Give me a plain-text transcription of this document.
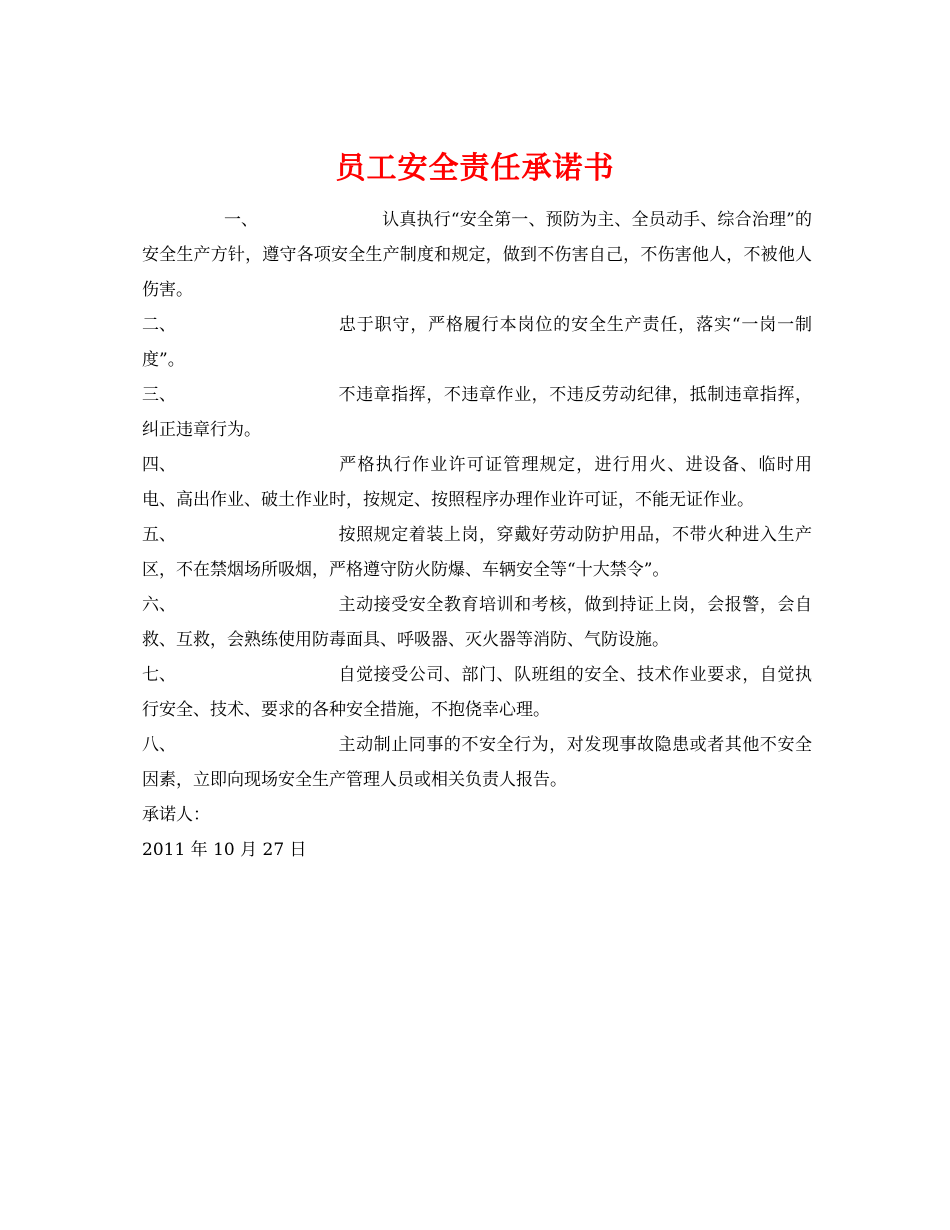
员工安全责任承诺书

一、	认真执行“安全第一、预防为主、全员动手、综合治理”的安全生产方针，遵守各项安全生产制度和规定，做到不伤害自己，不伤害他人，不被他人伤害。

二、	忠于职守，严格履行本岗位的安全生产责任，落实“一岗一制度”。

三、	不违章指挥，不违章作业，不违反劳动纪律，抵制违章指挥，纠正违章行为。

四、	严格执行作业许可证管理规定，进行用火、进设备、临时用电、高出作业、破土作业时，按规定、按照程序办理作业许可证，不能无证作业。

五、	按照规定着装上岗，穿戴好劳动防护用品，不带火种进入生产区，不在禁烟场所吸烟，严格遵守防火防爆、车辆安全等“十大禁令”。

六、	主动接受安全教育培训和考核，做到持证上岗，会报警，会自救、互救，会熟练使用防毒面具、呼吸器、灭火器等消防、气防设施。

七、	自觉接受公司、部门、队班组的安全、技术作业要求，自觉执行安全、技术、要求的各种安全措施，不抱侥幸心理。

八、	主动制止同事的不安全行为，对发现事故隐患或者其他不安全因素，立即向现场安全生产管理人员或相关负责人报告。

承诺人：

2011 年 10 月 27 日
